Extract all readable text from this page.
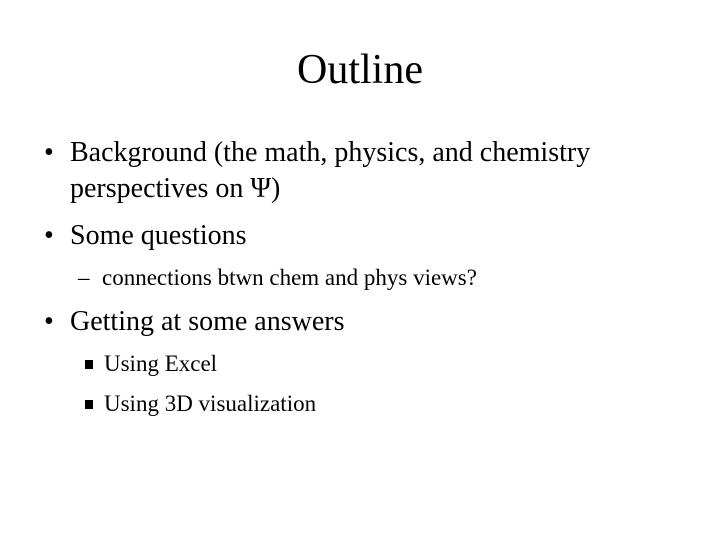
Outline
• Background (the math, physics, and chemistry
perspectives on Ψ)
• Some questions
– connections btwn chem and phys views?
• Getting at some answers
Using Excel
Using 3D visualization
